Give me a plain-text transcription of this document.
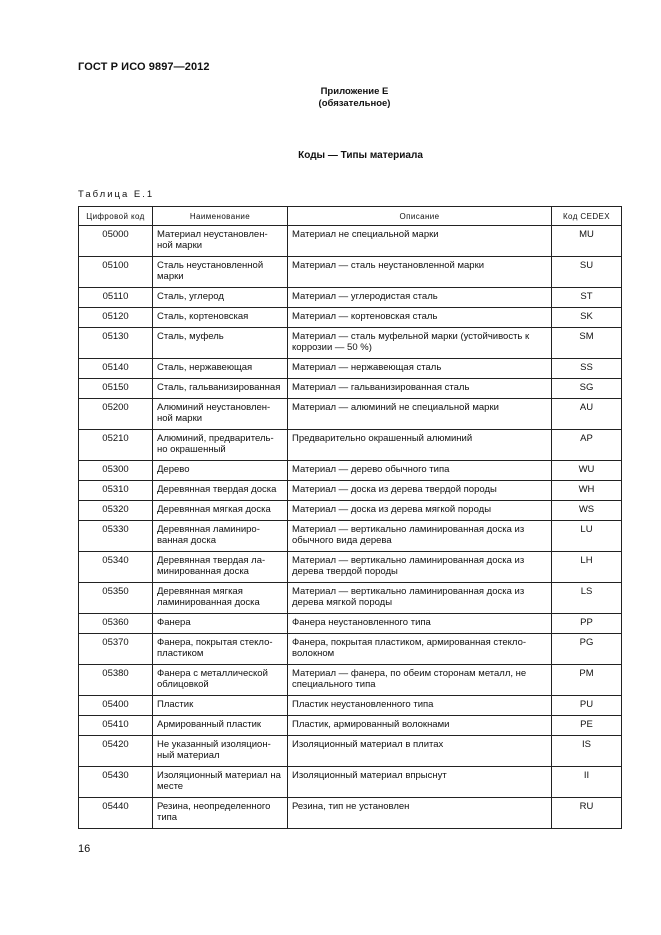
ГОСТ Р ИСО 9897—2012
Приложение Е
(обязательное)
Коды — Типы материала
Таблица Е.1
Цифровой код	Наименование	Описание	Код CEDEX
05000	Материал неустановлен-ной марки	Материал не специальной марки	MU
05100	Сталь неустановленной марки	Материал — сталь неустановленной марки	SU
05110	Сталь, углерод	Материал — углеродистая сталь	ST
05120	Сталь, кортеновская	Материал — кортеновская сталь	SK
05130	Сталь, муфель	Материал — сталь муфельной марки (устойчивость к коррозии — 50 %)	SM
05140	Сталь, нержавеющая	Материал — нержавеющая сталь	SS
05150	Сталь, гальванизированная	Материал — гальванизированная сталь	SG
05200	Алюминий неустановлен-ной марки	Материал — алюминий не специальной марки	AU
05210	Алюминий, предваритель-но окрашенный	Предварительно окрашенный алюминий	AP
05300	Дерево	Материал — дерево обычного типа	WU
05310	Деревянная твердая доска	Материал — доска из дерева твердой породы	WH
05320	Деревянная мягкая доска	Материал — доска из дерева мягкой породы	WS
05330	Деревянная ламиниро-ванная доска	Материал — вертикально ламинированная доска из обычного вида дерева	LU
05340	Деревянная твердая ла-минированная доска	Материал — вертикально ламинированная доска из дерева твердой породы	LH
05350	Деревянная мягкая ламинированная доска	Материал — вертикально ламинированная доска из дерева мягкой породы	LS
05360	Фанера	Фанера неустановленного типа	PP
05370	Фанера, покрытая стекло-пластиком	Фанера, покрытая пластиком, армированная стекло-волокном	PG
05380	Фанера с металлической облицовкой	Материал — фанера, по обеим сторонам металл, не специального типа	PM
05400	Пластик	Пластик неустановленного типа	PU
05410	Армированный пластик	Пластик, армированный волокнами	PE
05420	Не указанный изоляцион-ный материал	Изоляционный материал в плитах	IS
05430	Изоляционный материал на месте	Изоляционный материал впрыснут	II
05440	Резина, неопределенного типа	Резина, тип не установлен	RU
16
